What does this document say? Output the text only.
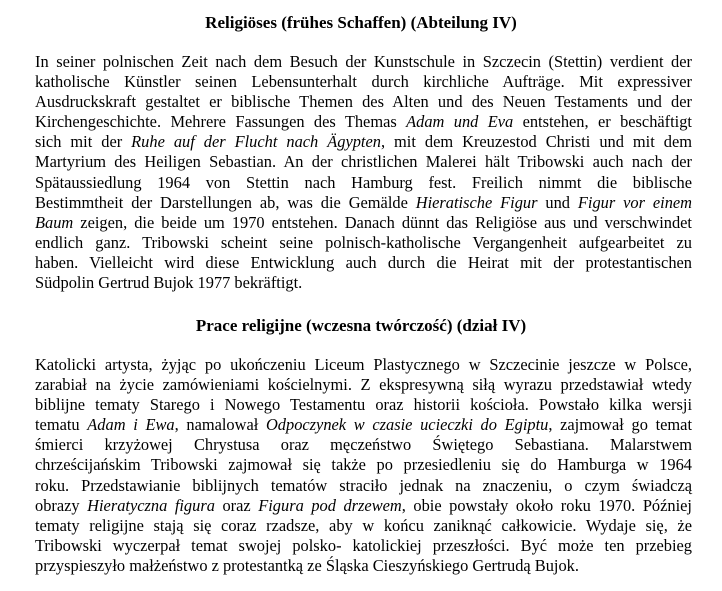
Religiöses (frühes Schaffen) (Abteilung IV)
In seiner polnischen Zeit nach dem Besuch der Kunstschule in Szczecin (Stettin) verdient der
katholische Künstler seinen Lebensunterhalt durch kirchliche Aufträge. Mit expressiver
Ausdruckskraft gestaltet er biblische Themen des Alten und des Neuen Testaments und der
Kirchengeschichte. Mehrere Fassungen des Themas Adam und Eva entstehen, er beschäftigt
sich mit der Ruhe auf der Flucht nach Ägypten, mit dem Kreuzestod Christi und mit dem
Martyrium des Heiligen Sebastian. An der christlichen Malerei hält Tribowski auch nach der
Spätaussiedlung 1964 von Stettin nach Hamburg fest. Freilich nimmt die biblische
Bestimmtheit der Darstellungen ab, was die Gemälde Hieratische Figur und Figur vor einem
Baum zeigen, die beide um 1970 entstehen. Danach dünnt das Religiöse aus und verschwindet
endlich ganz. Tribowski scheint seine polnisch-katholische Vergangenheit aufgearbeitet zu
haben. Vielleicht wird diese Entwicklung auch durch die Heirat mit der protestantischen
Südpolin Gertrud Bujok 1977 bekräftigt.
Prace religijne (wczesna twórczość) (dział IV)
Katolicki artysta, żyjąc po ukończeniu Liceum Plastycznego w Szczecinie jeszcze w Polsce,
zarabiał na życie zamówieniami kościelnymi. Z ekspresywną siłą wyrazu przedstawiał wtedy
biblijne tematy Starego i Nowego Testamentu oraz historii kościoła. Powstało kilka wersji
tematu Adam i Ewa, namalował Odpoczynek w czasie ucieczki do Egiptu, zajmował go temat
śmierci krzyżowej Chrystusa oraz męczeństwo Świętego Sebastiana. Malarstwem
chrześcijańskim Tribowski zajmował się także po przesiedleniu się do Hamburga w 1964
roku. Przedstawianie biblijnych tematów straciło jednak na znaczeniu, o czym świadczą
obrazy Hieratyczna figura oraz Figura pod drzewem, obie powstały około roku 1970. Później
tematy religijne stają się coraz rzadsze, aby w końcu zaniknąć całkowicie. Wydaje się, że
Tribowski wyczerpał temat swojej polsko- katolickiej przeszłości. Być może ten przebieg
przyspieszyło małżeństwo z protestantką ze Śląska Cieszyńskiego Gertrudą Bujok.
